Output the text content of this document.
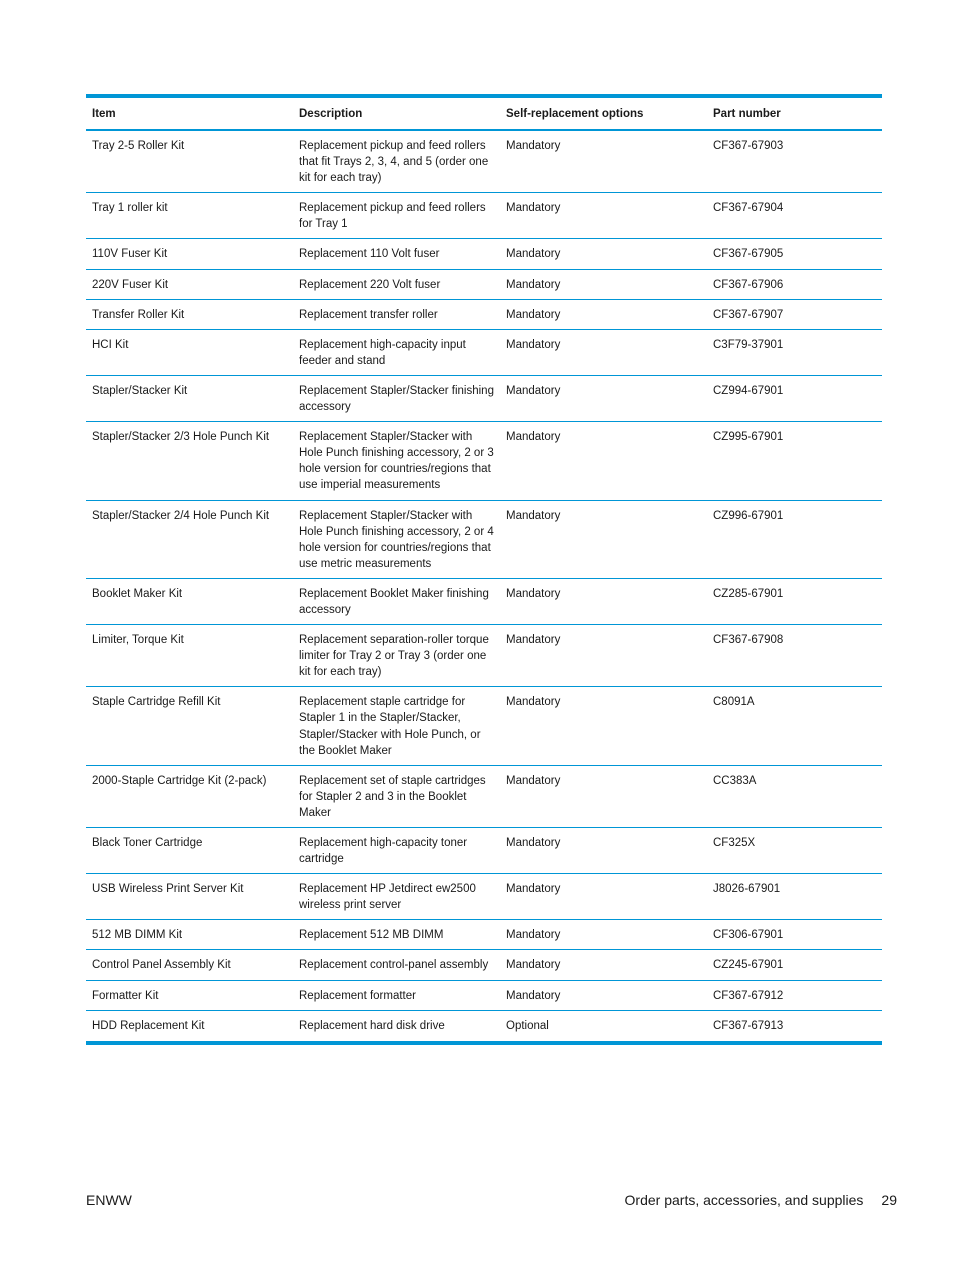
Item	Description	Self-replacement options	Part number
Tray 2-5 Roller Kit	Replacement pickup and feed rollers that fit Trays 2, 3, 4, and 5 (order one kit for each tray)	Mandatory	CF367-67903
Tray 1 roller kit	Replacement pickup and feed rollers for Tray 1	Mandatory	CF367-67904
110V Fuser Kit	Replacement 110 Volt fuser	Mandatory	CF367-67905
220V Fuser Kit	Replacement 220 Volt fuser	Mandatory	CF367-67906
Transfer Roller Kit	Replacement transfer roller	Mandatory	CF367-67907
HCI Kit	Replacement high-capacity input feeder and stand	Mandatory	C3F79-37901
Stapler/Stacker Kit	Replacement Stapler/Stacker finishing accessory	Mandatory	CZ994-67901
Stapler/Stacker 2/3 Hole Punch Kit	Replacement Stapler/Stacker with Hole Punch finishing accessory, 2 or 3 hole version for countries/regions that use imperial measurements	Mandatory	CZ995-67901
Stapler/Stacker 2/4 Hole Punch Kit	Replacement Stapler/Stacker with Hole Punch finishing accessory, 2 or 4 hole version for countries/regions that use metric measurements	Mandatory	CZ996-67901
Booklet Maker Kit	Replacement Booklet Maker finishing accessory	Mandatory	CZ285-67901
Limiter, Torque Kit	Replacement separation-roller torque limiter for Tray 2 or Tray 3 (order one kit for each tray)	Mandatory	CF367-67908
Staple Cartridge Refill Kit	Replacement staple cartridge for Stapler 1 in the Stapler/Stacker, Stapler/Stacker with Hole Punch, or the Booklet Maker	Mandatory	C8091A
2000-Staple Cartridge Kit (2-pack)	Replacement set of staple cartridges for Stapler 2 and 3 in the Booklet Maker	Mandatory	CC383A
Black Toner Cartridge	Replacement high-capacity toner cartridge	Mandatory	CF325X
USB Wireless Print Server Kit	Replacement HP Jetdirect ew2500 wireless print server	Mandatory	J8026-67901
512 MB DIMM Kit	Replacement 512 MB DIMM	Mandatory	CF306-67901
Control Panel Assembly Kit	Replacement control-panel assembly	Mandatory	CZ245-67901
Formatter Kit	Replacement formatter	Mandatory	CF367-67912
HDD Replacement Kit	Replacement hard disk drive	Optional	CF367-67913
ENWW	Order parts, accessories, and supplies 29
